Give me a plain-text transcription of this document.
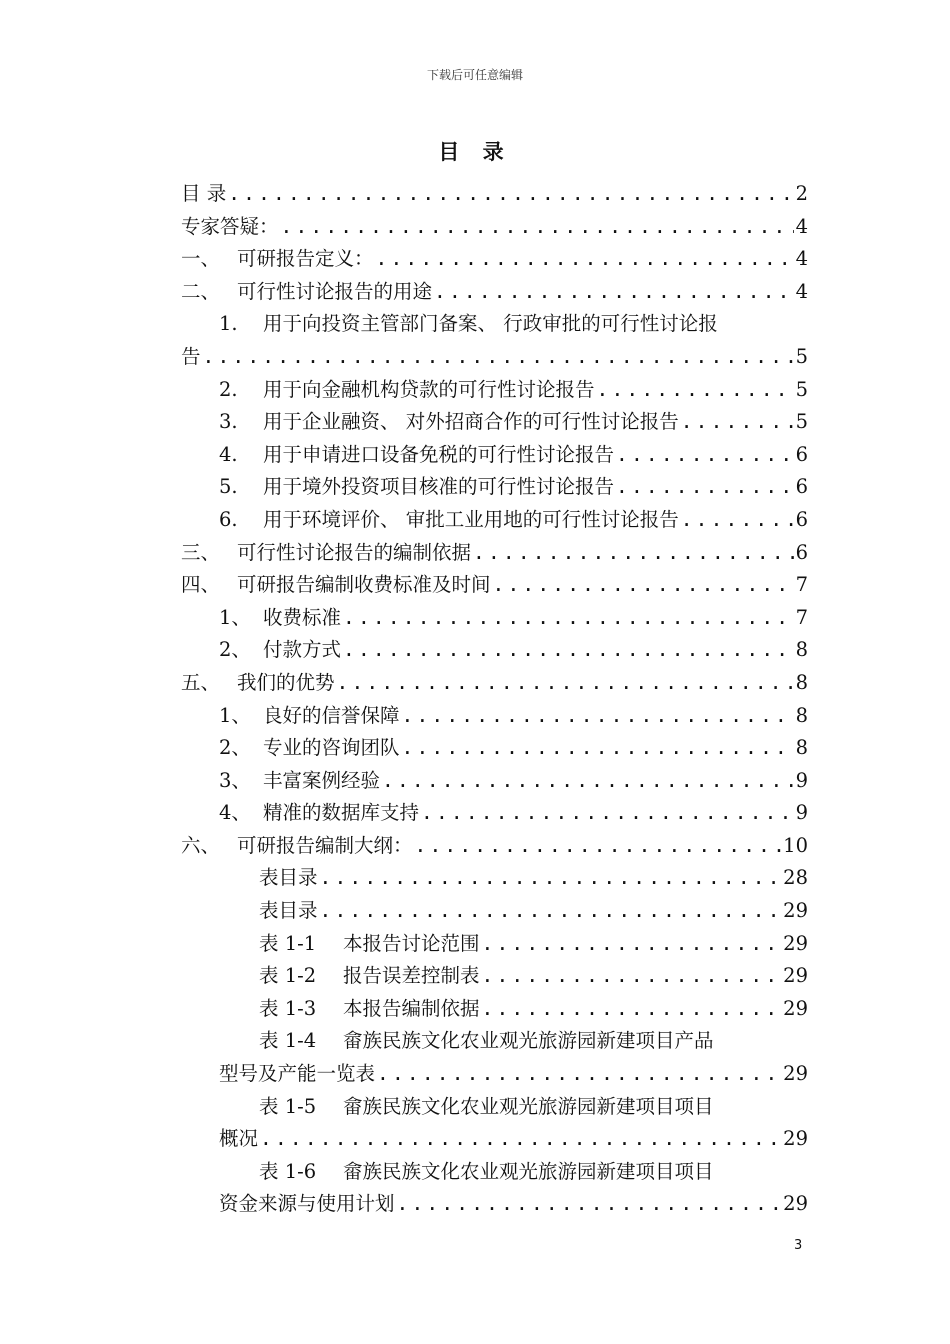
下载后可任意编辑
目 录
目 录 .....	2
专家答疑： .....	4
一、 可研报告定义： .....	4
二、 可行性讨论报告的用途 .....	4
1. 用于向投资主管部门备案、 行政审批的可行性讨论报
告 .....	5
2. 用于向金融机构贷款的可行性讨论报告 .....	5
3. 用于企业融资、 对外招商合作的可行性讨论报告 .....	5
4. 用于申请进口设备免税的可行性讨论报告 .....	6
5. 用于境外投资项目核准的可行性讨论报告 .....	6
6. 用于环境评价、 审批工业用地的可行性讨论报告 .....	6
三、 可行性讨论报告的编制依据 .....	6
四、 可研报告编制收费标准及时间 .....	7
1、 收费标准 .....	7
2、 付款方式 .....	8
五、 我们的优势 .....	8
1、 良好的信誉保障 .....	8
2、 专业的咨询团队 .....	8
3、 丰富案例经验 .....	9
4、 精准的数据库支持 .....	9
六、 可研报告编制大纲： .....	10
表目录 .....	28
表目录 .....	29
表 1-1 本报告讨论范围 .....	29
表 1-2 报告误差控制表 .....	29
表 1-3 本报告编制依据 .....	29
表 1-4 畲族民族文化农业观光旅游园新建项目产品
型号及产能一览表 .....	29
表 1-5 畲族民族文化农业观光旅游园新建项目项目
概况 .....	29
表 1-6 畲族民族文化农业观光旅游园新建项目项目
资金来源与使用计划 .....	29
3
